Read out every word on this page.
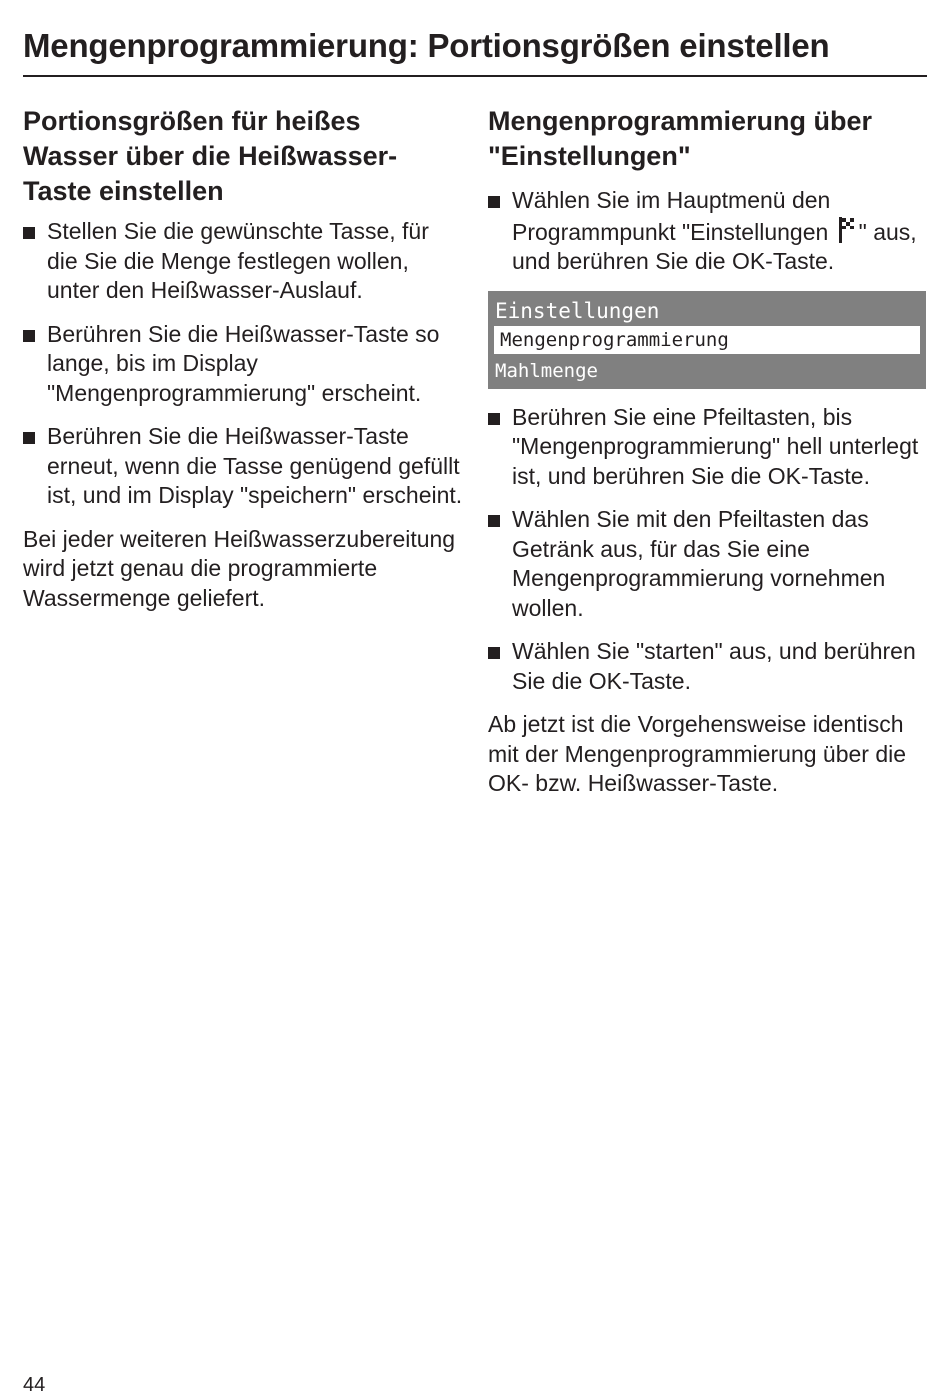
Mengenprogrammierung: Portionsgrößen einstellen
Portionsgrößen für heißes Wasser über die Heißwasser-Taste einstellen
Stellen Sie die gewünschte Tasse, für die Sie die Menge festlegen wollen, unter den Heißwasser-Auslauf.
Berühren Sie die Heißwasser-Taste so lange, bis im Display "Mengenprogrammierung" erscheint.
Berühren Sie die Heißwasser-Taste erneut, wenn die Tasse genügend gefüllt ist, und im Display "speichern" erscheint.

Bei jeder weiteren Heißwasserzubereitung wird jetzt genau die programmierte Wassermenge geliefert.

Mengenprogrammierung über "Einstellungen"
Wählen Sie im Hauptmenü den Programmpunkt "Einstellungen " aus, und berühren Sie die OK-Taste.
Einstellungen
Mengenprogrammierung
Mahlmenge
Berühren Sie eine Pfeiltasten, bis "Mengenprogrammierung" hell unterlegt ist, und berühren Sie die OK-Taste.
Wählen Sie mit den Pfeiltasten das Getränk aus, für das Sie eine Mengenprogrammierung vornehmen wollen.
Wählen Sie "starten" aus, und berühren Sie die OK-Taste.

Ab jetzt ist die Vorgehensweise identisch mit der Mengenprogrammierung über die OK- bzw. Heißwasser-Taste.

44
